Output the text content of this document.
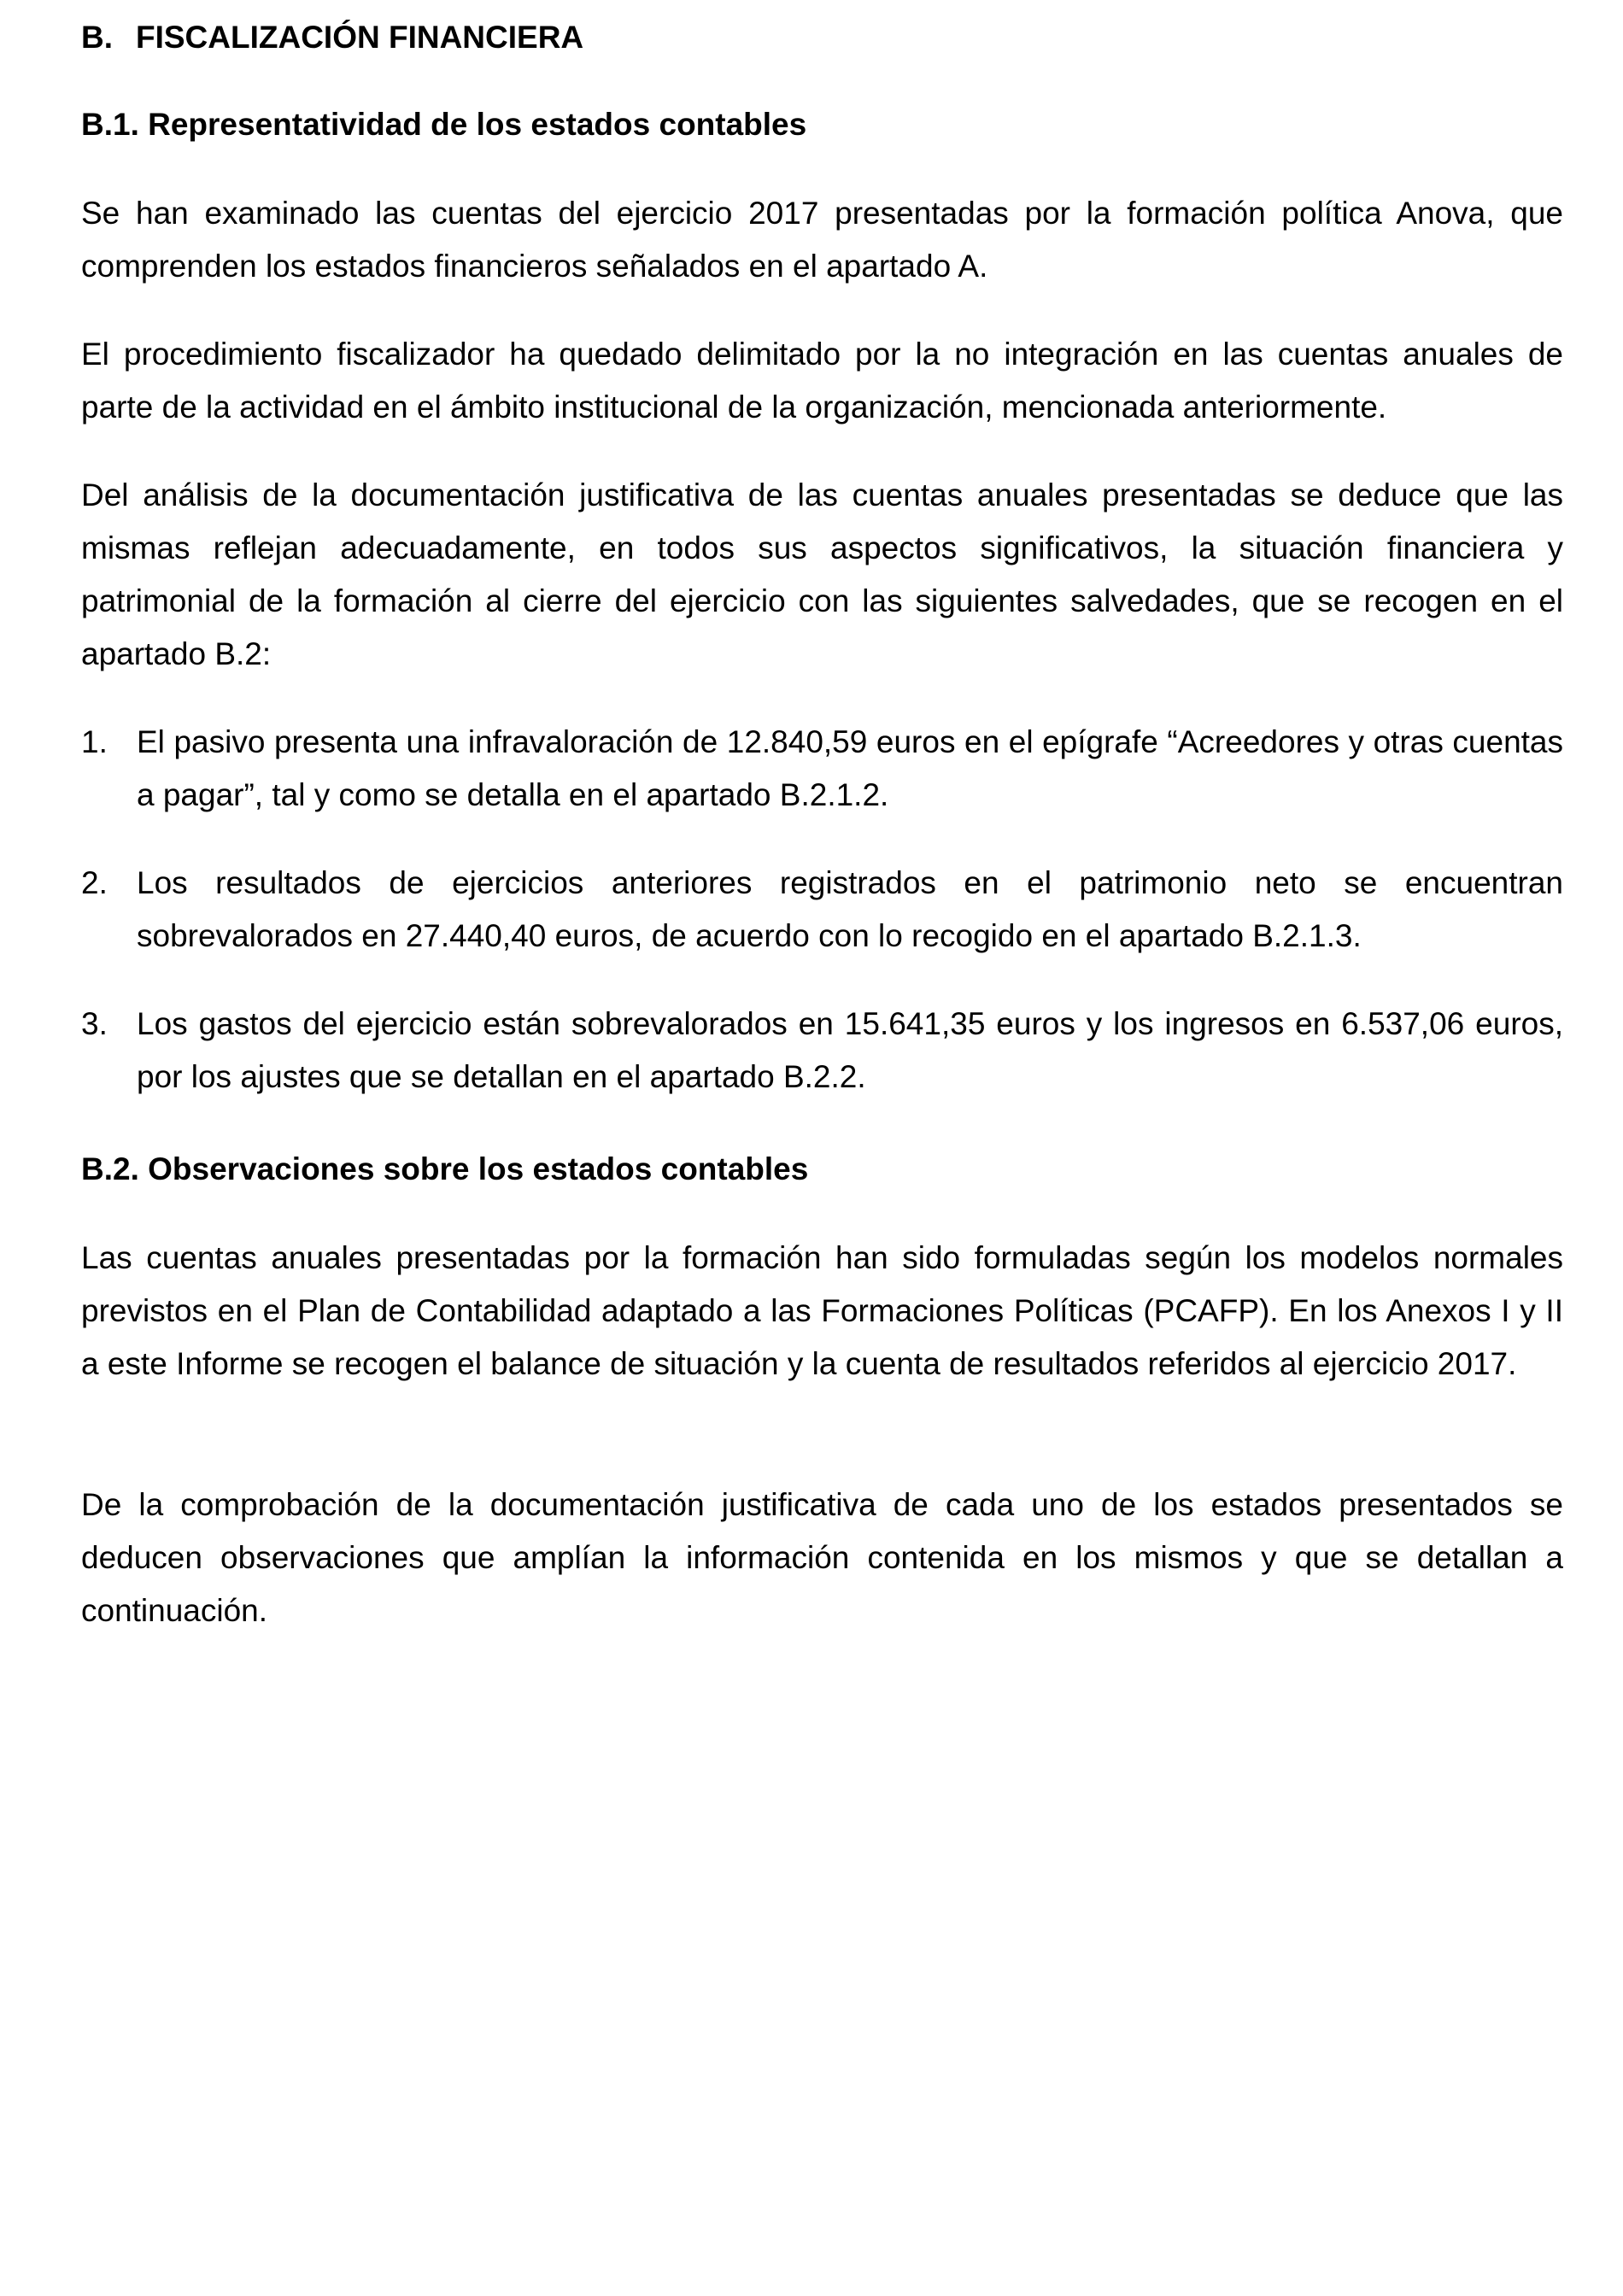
B. FISCALIZACIÓN FINANCIERA
B.1. Representatividad de los estados contables

Se han examinado las cuentas del ejercicio 2017 presentadas por la formación política Anova, que comprenden los estados financieros señalados en el apartado A.

El procedimiento fiscalizador ha quedado delimitado por la no integración en las cuentas anuales de parte de la actividad en el ámbito institucional de la organización, mencionada anteriormente.

Del análisis de la documentación justificativa de las cuentas anuales presentadas se deduce que las mismas reflejan adecuadamente, en todos sus aspectos significativos, la situación financiera y patrimonial de la formación al cierre del ejercicio con las siguientes salvedades, que se recogen en el apartado B.2:

1. El pasivo presenta una infravaloración de 12.840,59 euros en el epígrafe “Acreedores y otras cuentas a pagar”, tal y como se detalla en el apartado B.2.1.2.

2. Los resultados de ejercicios anteriores registrados en el patrimonio neto se encuentran sobrevalorados en 27.440,40 euros, de acuerdo con lo recogido en el apartado B.2.1.3.

3. Los gastos del ejercicio están sobrevalorados en 15.641,35 euros y los ingresos en 6.537,06 euros, por los ajustes que se detallan en el apartado B.2.2.

B.2. Observaciones sobre los estados contables

Las cuentas anuales presentadas por la formación han sido formuladas según los modelos normales previstos en el Plan de Contabilidad adaptado a las Formaciones Políticas (PCAFP). En los Anexos I y II a este Informe se recogen el balance de situación y la cuenta de resultados referidos al ejercicio 2017.

De la comprobación de la documentación justificativa de cada uno de los estados presentados se deducen observaciones que amplían la información contenida en los mismos y que se detallan a continuación.
